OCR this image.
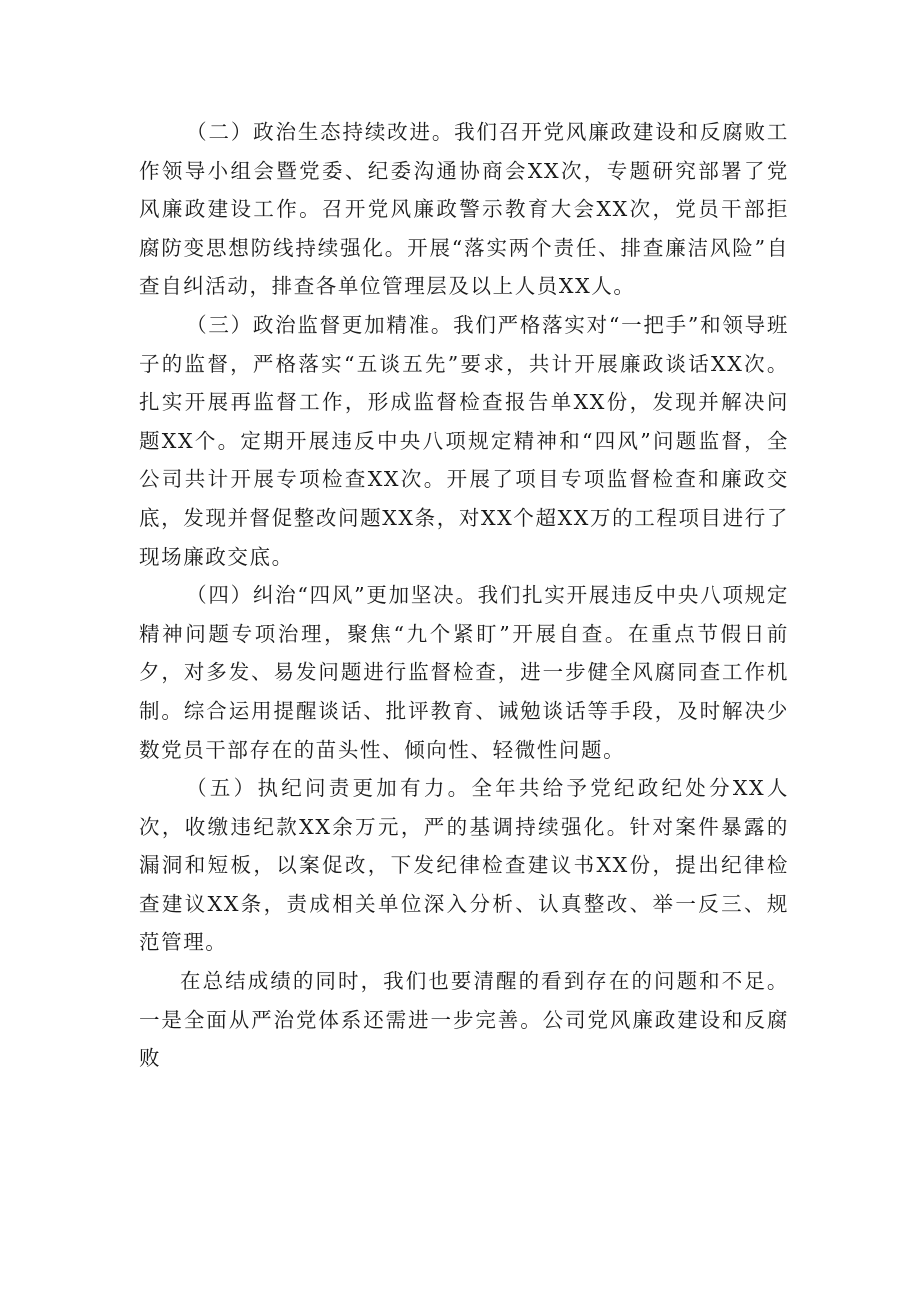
（二）政治生态持续改进。我们召开党风廉政建设和反腐败工作领导小组会暨党委、纪委沟通协商会XX次，专题研究部署了党风廉政建设工作。召开党风廉政警示教育大会XX次，党员干部拒腐防变思想防线持续强化。开展“落实两个责任、排查廉洁风险”自查自纠活动，排查各单位管理层及以上人员XX人。

（三）政治监督更加精准。我们严格落实对“一把手”和领导班子的监督，严格落实“五谈五先”要求，共计开展廉政谈话XX次。扎实开展再监督工作，形成监督检查报告单XX份，发现并解决问题XX个。定期开展违反中央八项规定精神和“四风”问题监督，全公司共计开展专项检查XX次。开展了项目专项监督检查和廉政交底，发现并督促整改问题XX条，对XX个超XX万的工程项目进行了现场廉政交底。

（四）纠治“四风”更加坚决。我们扎实开展违反中央八项规定精神问题专项治理，聚焦“九个紧盯”开展自查。在重点节假日前夕，对多发、易发问题进行监督检查，进一步健全风腐同查工作机制。综合运用提醒谈话、批评教育、诫勉谈话等手段，及时解决少数党员干部存在的苗头性、倾向性、轻微性问题。

（五）执纪问责更加有力。全年共给予党纪政纪处分XX人次，收缴违纪款XX余万元，严的基调持续强化。针对案件暴露的漏洞和短板，以案促改，下发纪律检查建议书XX份，提出纪律检查建议XX条，责成相关单位深入分析、认真整改、举一反三、规范管理。

在总结成绩的同时，我们也要清醒的看到存在的问题和不足。一是全面从严治党体系还需进一步完善。公司党风廉政建设和反腐败
